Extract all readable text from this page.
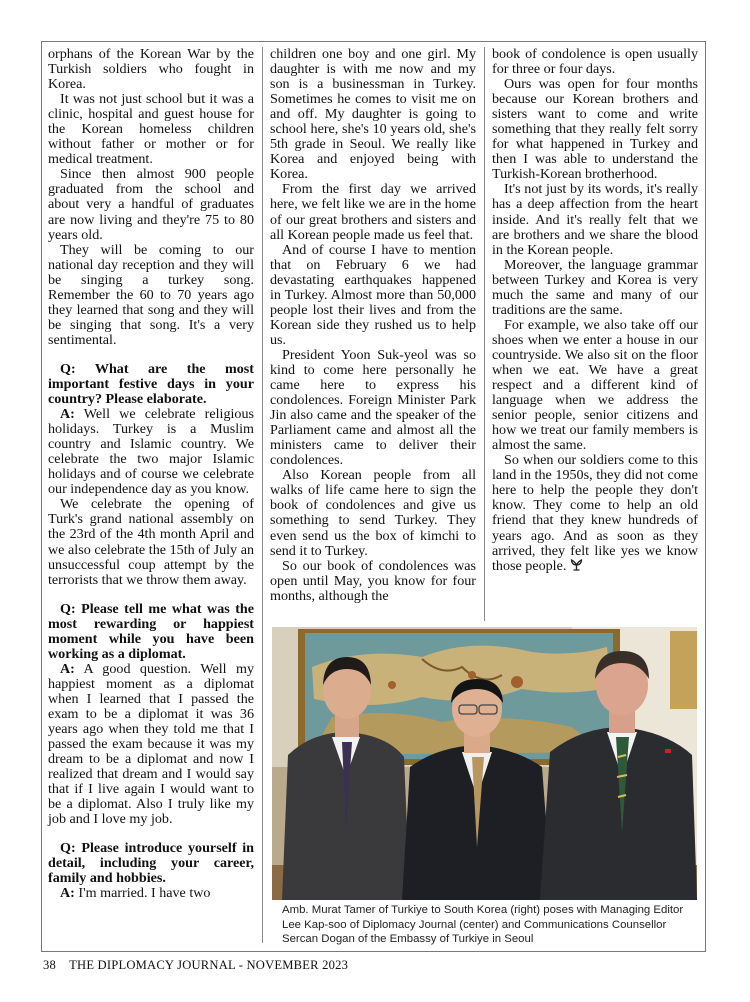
orphans of the Korean War by the Turkish soldiers who fought in Korea.

It was not just school but it was a clinic, hospital and guest house for the Korean homeless children without father or mother or for medical treatment.

Since then almost 900 people graduated from the school and about very a handful of graduates are now living and they're 75 to 80 years old.

They will be coming to our national day reception and they will be singing a turkey song. Remember the 60 to 70 years ago they learned that song and they will be singing that song. It's a very sentimental.

Q: What are the most important festive days in your country? Please elaborate.

A: Well we celebrate religious holidays. Turkey is a Muslim country and Islamic country. We celebrate the two major Islamic holidays and of course we celebrate our independence day as you know.

We celebrate the opening of Turk's grand national assembly on the 23rd of the 4th month April and we also celebrate the 15th of July an unsuccessful coup attempt by the terrorists that we throw them away.

Q: Please tell me what was the most rewarding or happiest moment while you have been working as a diplomat.

A: A good question. Well my happiest moment as a diplomat when I learned that I passed the exam to be a diplomat it was 36 years ago when they told me that I passed the exam because it was my dream to be a diplomat and now I realized that dream and I would say that if I live again I would want to be a diplomat. Also I truly like my job and I love my job.

Q: Please introduce yourself in detail, including your career, family and hobbies.

A: I'm married. I have two

children one boy and one girl. My daughter is with me now and my son is a businessman in Turkey. Sometimes he comes to visit me on and off. My daughter is going to school here, she's 10 years old, she's 5th grade in Seoul. We really like Korea and enjoyed being with Korea.

From the first day we arrived here, we felt like we are in the home of our great brothers and sisters and all Korean people made us feel that.

And of course I have to mention that on February 6 we had devastating earthquakes happened in Turkey. Almost more than 50,000 people lost their lives and from the Korean side they rushed us to help us.

President Yoon Suk-yeol was so kind to come here personally he came here to express his condolences. Foreign Minister Park Jin also came and the speaker of the Parliament came and almost all the ministers came to deliver their condolences.

Also Korean people from all walks of life came here to sign the book of condolences and give us something to send Turkey. They even send us the box of kimchi to send it to Turkey.

So our book of condolences was open until May, you know for four months, although the

book of condolence is open usually for three or four days.

Ours was open for four months because our Korean brothers and sisters want to come and write something that they really felt sorry for what happened in Turkey and then I was able to understand the Turkish-Korean brotherhood.

It's not just by its words, it's really has a deep affection from the heart inside. And it's really felt that we are brothers and we share the blood in the Korean people.

Moreover, the language grammar between Turkey and Korea is very much the same and many of our traditions are the same.

For example, we also take off our shoes when we enter a house in our countryside. We also sit on the floor when we eat. We have a great respect and a different kind of language when we address the senior people, senior citizens and how we treat our family members is almost the same.

So when our soldiers come to this land in the 1950s, they did not come here to help the people they don't know. They come to help an old friend that they knew hundreds of years ago. And as soon as they arrived, they felt like yes we know those people.

Amb. Murat Tamer of Turkiye to South Korea (right) poses with Managing Editor Lee Kap-soo of Diplomacy Journal (center) and Communications Counsellor Sercan Dogan of the Embassy of Turkiye in Seoul
38 THE DIPLOMACY JOURNAL - NOVEMBER 2023
